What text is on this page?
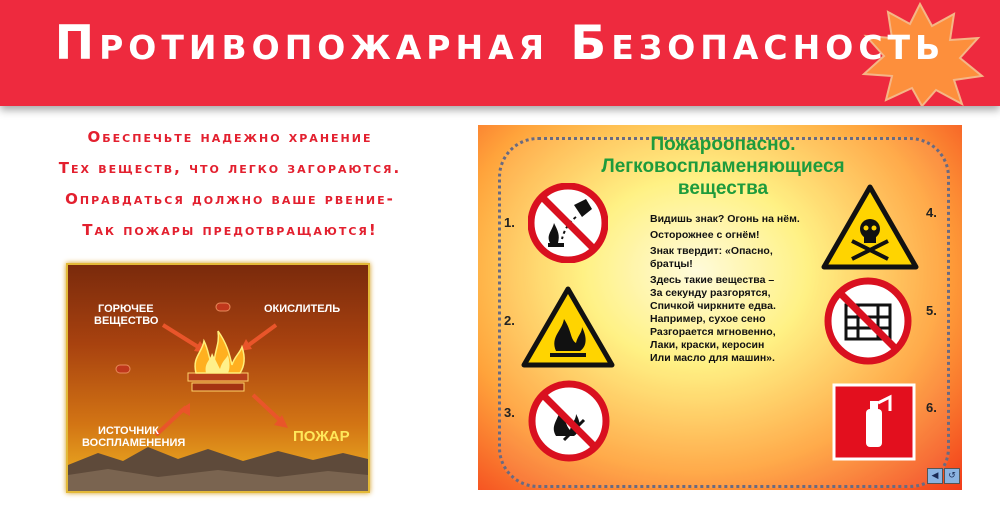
Противопожарная Безопасность
Обеспечьте надежно хранение
Тех веществ, что легко загораются.
Оправдаться должно ваше рвение-
Так пожары предотвращаются!
ГОРЮЧЕЕ
ВЕЩЕСТВО
ОКИСЛИТЕЛЬ
ИСТОЧНИК
ВОСПЛАМЕНЕНИЯ	ПОЖАР
Пожароопасно.
Легковоспламеняющиеся
вещества
1.
2.
3.
4.
5.
6.
Видишь знак? Огонь на нём.
Осторожнее с огнём!
Знак твердит: «Опасно, братцы!
Здесь такие вещества –
За секунду разгорятся,
Спичкой чиркните едва.
Например, сухое сено
Разгорается мгновенно,
Лаки, краски, керосин
Или масло для машин».
◀	↺
